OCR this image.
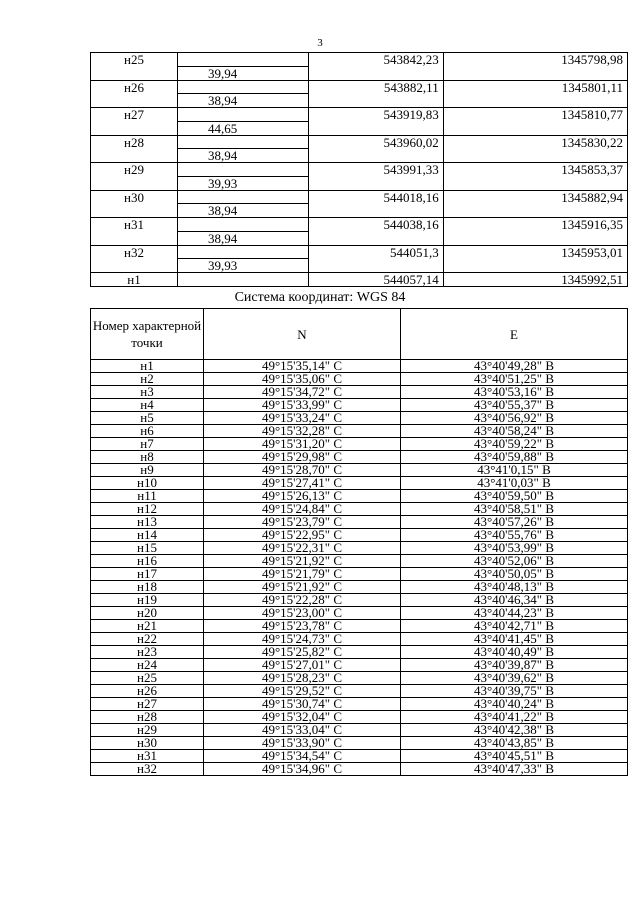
3
н25		543842,23	1345798,98
	39,94		
н26		543882,11	1345801,11
	38,94		
н27		543919,83	1345810,77
	44,65		
н28		543960,02	1345830,22
	38,94		
н29		543991,33	1345853,37
	39,93		
н30		544018,16	1345882,94
	38,94		
н31		544038,16	1345916,35
	38,94		
н32		544051,3	1345953,01
	39,93		
н1		544057,14	1345992,51
Система координат: WGS 84
Номер характерной точки	N	E
н1	49°15'35,14" С	43°40'49,28" В
н2	49°15'35,06" С	43°40'51,25" В
н3	49°15'34,72" С	43°40'53,16" В
н4	49°15'33,99" С	43°40'55,37" В
н5	49°15'33,24" С	43°40'56,92" В
н6	49°15'32,28" С	43°40'58,24" В
н7	49°15'31,20" С	43°40'59,22" В
н8	49°15'29,98" С	43°40'59,88" В
н9	49°15'28,70" С	43°41'0,15" В
н10	49°15'27,41" С	43°41'0,03" В
н11	49°15'26,13" С	43°40'59,50" В
н12	49°15'24,84" С	43°40'58,51" В
н13	49°15'23,79" С	43°40'57,26" В
н14	49°15'22,95" С	43°40'55,76" В
н15	49°15'22,31" С	43°40'53,99" В
н16	49°15'21,92" С	43°40'52,06" В
н17	49°15'21,79" С	43°40'50,05" В
н18	49°15'21,92" С	43°40'48,13" В
н19	49°15'22,28" С	43°40'46,34" В
н20	49°15'23,00" С	43°40'44,23" В
н21	49°15'23,78" С	43°40'42,71" В
н22	49°15'24,73" С	43°40'41,45" В
н23	49°15'25,82" С	43°40'40,49" В
н24	49°15'27,01" С	43°40'39,87" В
н25	49°15'28,23" С	43°40'39,62" В
н26	49°15'29,52" С	43°40'39,75" В
н27	49°15'30,74" С	43°40'40,24" В
н28	49°15'32,04" С	43°40'41,22" В
н29	49°15'33,04" С	43°40'42,38" В
н30	49°15'33,90" С	43°40'43,85" В
н31	49°15'34,54" С	43°40'45,51" В
н32	49°15'34,96" С	43°40'47,33" В
